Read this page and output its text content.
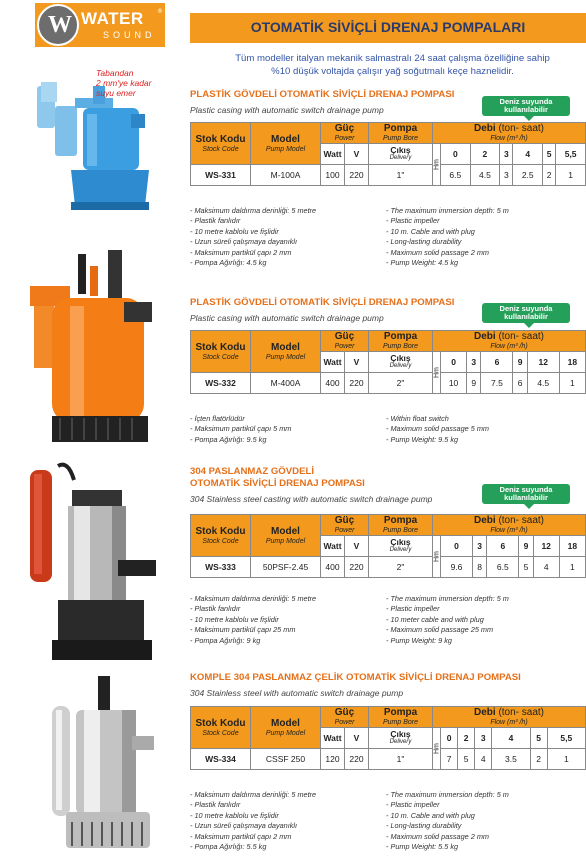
W WATER ®
SOUND	OTOMATİK SİVİÇLİ DRENAJ POMPALARI
Tüm modeller italyan mekanik salmastralı 24 saat çalışma özelliğine sahip
%10 düşük voltajda çalışır yağ soğutmalı keçe haznelidir.
Tabandan
2 mm'ye kadar
suyu emer	PLASTİK GÖVDELİ OTOMATİK SİVİÇLİ DRENAJ POMPASI
Plastic casing with automatic switch drainage pump
Deniz suyunda
kullanılabilir
Stok Kodu
Stock Code	Model
Pump Model	Güç
Power		Pompa
Pump Bore	Debi (ton- saat)
Flow (m³ /h)						

		Watt	V	Çıkış
Delivery	Hm	0	2	3	4	5	5,5
WS-331	M-100A	100	220	1"		6.5	4.5	3	2.5	2	1
- Maksimum daldırma derinliği: 5 metre
- Plastik fanlıdır
- 10 metre kablolu ve fişlidir
- Uzun süreli çalışmaya dayanıklı
- Maksimum partikül çapı 2 mm
- Pompa Ağırlığı: 4.5 kg
- The maximum immersion depth: 5 m
- Plastic impeller
- 10 m. Cable and with plug
- Long-lasting durability
- Maximum solid passage 2 mm
- Pump Weight: 4.5 kg
PLASTİK GÖVDELİ OTOMATİK SİVİÇLİ DRENAJ POMPASI
Plastic casing with automatic switch drainage pump
Deniz suyunda
kullanılabilir
Stok Kodu
Stock Code	Model
Pump Model	Güç
Power		Pompa
Pump Bore	Debi (ton- saat)
Flow (m³ /h)						

		Watt	V	Çıkış
Delivery	Hm	0	3	6	9	12	18
WS-332	M-400A	400	220	2"		10	9	7.5	6	4.5	1
- İçten flatörlüdür
- Maksimum partikül çapı 5 mm
- Pompa Ağırlığı: 9.5 kg
- Within float switch
- Maximum solid passage 5 mm
- Pump Weight: 9.5 kg
304 PASLANMAZ GÖVDELİ
OTOMATİK SİVİÇLİ DRENAJ POMPASI
304 Stainless steel casting with automatic switch drainage pump
Deniz suyunda
kullanılabilir
Stok Kodu
Stock Code	Model
Pump Model	Güç
Power		Pompa
Pump Bore	Debi (ton- saat)
Flow (m³ /h)						

		Watt	V	Çıkış
Delivery	Hm	0	3	6	9	12	18
WS-333	50PSF-2.45	400	220	2"		9.6	8	6.5	5	4	1
- Maksimum daldırma derinliği: 5 metre
- Plastik fanlıdır
- 10 metre kablolu ve fişlidir
- Maksimum partikül çapı 25 mm
- Pompa Ağırlığı: 9 kg
- The maximum immersion depth: 5 m
- Plastic impeller
- 10 meter cable and with plug
- Maximum solid passage 25 mm
- Pump Weight: 9 kg
KOMPLE 304 PASLANMAZ ÇELİK OTOMATİK SİVİÇLİ DRENAJ POMPASI
304 Stainless steel with automatic switch drainage pump
Stok Kodu
Stock Code	Model
Pump Model	Güç
Power		Pompa
Pump Bore	Debi (ton- saat)
Flow (m³ /h)						

		Watt	V	Çıkış
Delivery	Hm	0	2	3	4	5	5,5
WS-334	CSSF 250	120	220	1"		7	5	4	3.5	2	1
- Maksimum daldırma derinliği: 5 metre
- Plastik fanlıdır
- 10 metre kablolu ve fişlidir
- Uzun süreli çalışmaya dayanıklı
- Maksimum partikül çapı 2 mm
- Pompa Ağırlığı: 5.5 kg
- The maximum immersion depth: 5 m
- Plastic impeller
- 10 m. Cable and with plug
- Long-lasting durability
- Maximum solid passage 2 mm
- Pump Weight: 5.5 kg
